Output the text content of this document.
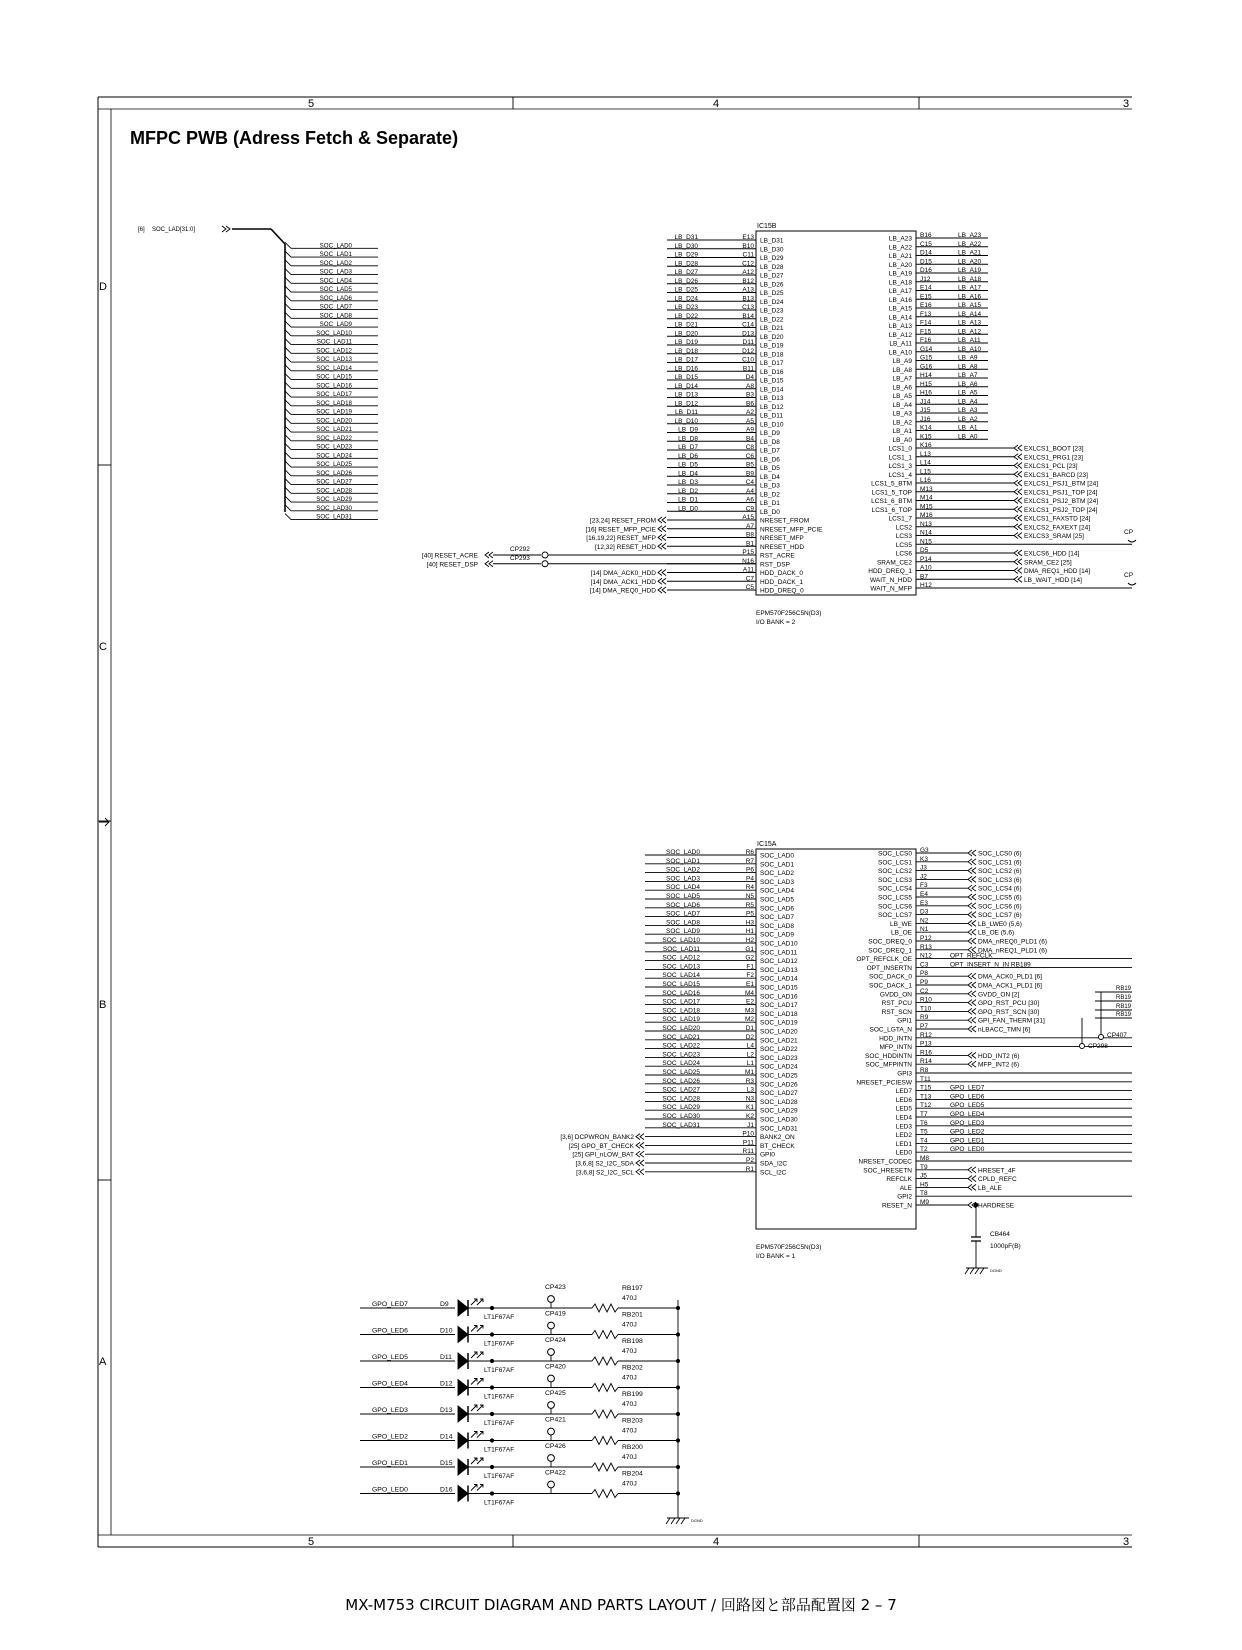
5	4	3
5	4	3
D
C
B
A
MFPC PWB (Adress Fetch & Separate)
[6] SOC_LAD[31:0]
SOC_LAD0
SOC_LAD1
SOC_LAD2
SOC_LAD3
SOC_LAD4
SOC_LAD5
SOC_LAD6
SOC_LAD7
SOC_LAD8
SOC_LAD9
SOC_LAD10
SOC_LAD11
SOC_LAD12
SOC_LAD13
SOC_LAD14
SOC_LAD15
SOC_LAD16
SOC_LAD17
SOC_LAD18
SOC_LAD19
SOC_LAD20
SOC_LAD21
SOC_LAD22
SOC_LAD23
SOC_LAD24
SOC_LAD25
SOC_LAD26
SOC_LAD27
SOC_LAD28
SOC_LAD29
SOC_LAD30
SOC_LAD31
IC15B
EPM570F256C5N(D3)
I/O BANK = 2
E13 LB_D31
LB_D31
B10 LB_D30
LB_D30
C11 LB_D29
LB_D29
C12 LB_D28
LB_D28
A12 LB_D27
LB_D27
B12 LB_D26
LB_D26
A13 LB_D25
LB_D25
B13 LB_D24
LB_D24
C13 LB_D23
LB_D23
B14 LB_D22
LB_D22
C14 LB_D21
LB_D21
D13 LB_D20
LB_D20
D11 LB_D19
LB_D19
D12 LB_D18
LB_D18
C10 LB_D17
LB_D17
B11 LB_D16
LB_D16
D4 LB_D15
LB_D15
A8 LB_D14
LB_D14
B3 LB_D13
LB_D13
B6 LB_D12
LB_D12
A2 LB_D11
LB_D11
A5 LB_D10
LB_D10
A9 LB_D9
LB_D9
B4 LB_D8
LB_D8
C8 LB_D7
LB_D7
C6 LB_D6
LB_D6
B5 LB_D5
LB_D5
B9 LB_D4
LB_D4
C4 LB_D3
LB_D3
A4 LB_D2
LB_D2
A6 LB_D1
LB_D1
C9 LB_D0
LB_D0
A15 NRESET_FROM
[23,24] RESET_FROM
A7 NRESET_MFP_PCIE
[16] RESET_MFP_PCIE
B8 NRESET_MFP
[16,19,22] RESET_MFP
B1 NRESET_HDD
[12,32] RESET_HDD
P15 RST_ACRE
N16 RST_DSP
A11 HDD_DACK_0
[14] DMA_ACK0_HDD
C7 HDD_DACK_1
[14] DMA_ACK1_HDD
C5 HDD_DREQ_0
[14] DMA_REQ0_HDD
LB_A23 B16	LB_A23
LB_A22 C15	LB_A22
LB_A21 D14	LB_A21
LB_A20 D15	LB_A20
LB_A19 D16	LB_A19
LB_A18 J12	LB_A18
LB_A17 E14	LB_A17
LB_A16 E15	LB_A16
LB_A15 E16	LB_A15
LB_A14 F13	LB_A14
LB_A13 F14	LB_A13
LB_A12 F15	LB_A12
LB_A11 F16	LB_A11
LB_A10 G14	LB_A10
LB_A9 G15	LB_A9
LB_A8 G16	LB_A8
LB_A7 H14	LB_A7
LB_A6 H15	LB_A6
LB_A5 H16	LB_A5
LB_A4 J14	LB_A4
LB_A3 J15	LB_A3
LB_A2 J16	LB_A2
LB_A1 K14	LB_A1
LB_A0 K15	LB_A0
LCS1_0 K16	EXLCS1_BOOT [23]
LCS1_1 L13	EXLCS1_PRG1 [23]
LCS1_3 L14	EXLCS1_PCL [23]
LCS1_4 L15	EXLCS1_BARCD [23]
LCS1_5_BTM L16	EXLCS1_PSJ1_BTM [24]
LCS1_5_TOP M13	EXLCS1_PSJ1_TOP [24]
LCS1_6_BTM M14	EXLCS1_PSJ2_BTM [24]
LCS1_6_TOP M15	EXLCS1_PSJ2_TOP [24]
LCS1_7 M16	EXLCS1_FAXSTD [24]
LCS2 N13	EXLCS2_FAXEXT [24]
LCS3 N14	EXLCS3_SRAM [25]
LCS5 N15
LCS6 D5	EXLCS6_HDD [14]
SRAM_CE2 P14	SRAM_CE2 [25]
HDD_DREQ_1 A10	DMA_REQ1_HDD [14]
WAIT_N_HDD B7	LB_WAIT_HDD [14]
WAIT_N_MFP H12
CP292
[40] RESET_ACRE	CP293
[40] RESET_DSP
CP
CP
IC15A
EPM570F256C5N(D3)
I/O BANK = 1
R6 SOC_LAD0
SOC_LAD0
R7 SOC_LAD1
SOC_LAD1
P6 SOC_LAD2
SOC_LAD2
P4 SOC_LAD3
SOC_LAD3
R4 SOC_LAD4
SOC_LAD4
N5 SOC_LAD5
SOC_LAD5
R5 SOC_LAD6
SOC_LAD6
P5 SOC_LAD7
SOC_LAD7
H3 SOC_LAD8
SOC_LAD8
H1 SOC_LAD9
SOC_LAD9
H2 SOC_LAD10
SOC_LAD10
G1 SOC_LAD11
SOC_LAD11
G2 SOC_LAD12
SOC_LAD12
F1 SOC_LAD13
SOC_LAD13
F2 SOC_LAD14
SOC_LAD14
E1 SOC_LAD15
SOC_LAD15
M4 SOC_LAD16
SOC_LAD16
E2 SOC_LAD17
SOC_LAD17
M3 SOC_LAD18
SOC_LAD18
M2 SOC_LAD19
SOC_LAD19
D1 SOC_LAD20
SOC_LAD20
D2 SOC_LAD21
SOC_LAD21
L4 SOC_LAD22
SOC_LAD22
L2 SOC_LAD23
SOC_LAD23
L1 SOC_LAD24
SOC_LAD24
M1 SOC_LAD25
SOC_LAD25
R3 SOC_LAD26
SOC_LAD26
L3 SOC_LAD27
SOC_LAD27
N3 SOC_LAD28
SOC_LAD28
K1 SOC_LAD29
SOC_LAD29
K2 SOC_LAD30
SOC_LAD30
J1 SOC_LAD31
SOC_LAD31
P10 BANK2_ON
[3,6] DCPWRON_BANK2
P11 BT_CHECK
[25] GPO_BT_CHECK
R11 GPI0
[25] GPI_nLOW_BAT
P2 SDA_I2C
[3,6,8] S2_I2C_SDA
R1 SCL_I2C
[3,6,8] S2_I2C_SCL
SOC_LCS0 G3	SOC_LCS0 (6)
SOC_LCS1 K3	SOC_LCS1 (6)
SOC_LCS2 J3	SOC_LCS2 (6)
SOC_LCS3 J2	SOC_LCS3 (6)
SOC_LCS4 F3	SOC_LCS4 (6)
SOC_LCS5 E4	SOC_LCS5 (6)
SOC_LCS6 E3	SOC_LCS6 (6)
SOC_LCS7 D3	SOC_LCS7 (6)
LB_WE N2	LB_LWE0 (5,6)
LB_OE N1	LB_OE (5,6)
SOC_DREQ_0 P12	DMA_nREQ0_PLD1 (6)
SOC_DREQ_1 R13	DMA_nREQ1_PLD1 (6)
OPT_REFCLK_OE N12	OPT_REFCLK
OPT_INSERTN C3	OPT_INSERT_N_IN RB189
SOC_DACK_0 P8	DMA_ACK0_PLD1 [6]
SOC_DACK_1 P9	DMA_ACK1_PLD1 [6]
GVDD_ON C2	GVDD_ON [2]
RST_PCU R10	GPO_RST_PCU [30]
RST_SCN T10	GPO_RST_SCN [30]
GPI1 R9	GPI_FAN_THERM [31]
SOC_LGTA_N P7	nLBACC_TMN [6]
HDD_INTN R12
MFP_INTN P13
SOC_HDDINTN R16	HDD_INT2 (6)
SOC_MFPINTN R14	MFP_INT2 (6)
GPI3 R8
NRESET_PCIESW T11
LED7 T15	GPO_LED7
LED6 T13	GPO_LED6
LED5 T12	GPO_LED5
LED4 T7	GPO_LED4
LED3 T6	GPO_LED3
LED2 T5	GPO_LED2
LED1 T4	GPO_LED1
LED0 T2	GPO_LED0
NRESET_CODEC M8
SOC_HRESETN T9	HRESET_4F
REFCLK J5	CPLD_REFC
ALE H5	LB_ALE
GPI2 T8
RESET_N M9	HARDRESE
RB19
RB19
RB19
RB19
CP407
CP298
CB464
1000pF(B)
DGND
GPO_LED7	D9
LT1F67AF
CP423	RB197
470J
GPO_LED6	D10
LT1F67AF
CP419	RB201
470J
GPO_LED5	D11
LT1F67AF
CP424	RB198
470J
GPO_LED4	D12
LT1F67AF
CP420	RB202
470J
GPO_LED3	D13
LT1F67AF
CP425	RB199
470J
GPO_LED2	D14
LT1F67AF
CP421	RB203
470J
GPO_LED1	D15
LT1F67AF
CP426	RB200
470J
GPO_LED0	D16
LT1F67AF
CP422	RB204
470J
DGND
MX-M753 CIRCUIT DIAGRAM AND PARTS LAYOUT / 回路図と部品配置図 2 – 7
